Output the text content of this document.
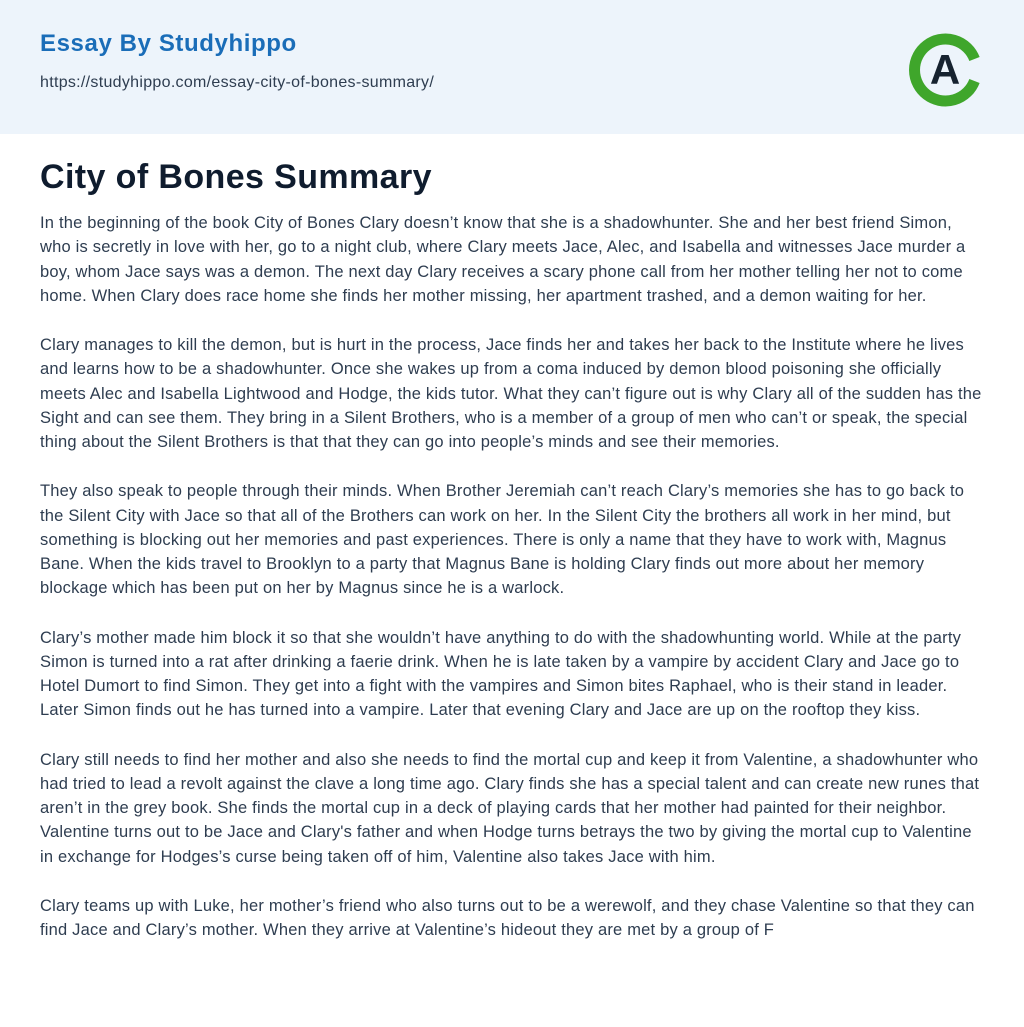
Essay By Studyhippo
https://studyhippo.com/essay-city-of-bones-summary/	A
City of Bones Summary

In the beginning of the book City of Bones Clary doesn’t know that she is a shadowhunter. She and her best friend Simon, who is secretly in love with her, go to a night club, where Clary meets Jace, Alec, and Isabella and witnesses Jace murder a boy, whom Jace says was a demon. The next day Clary receives a scary phone call from her mother telling her not to come home. When Clary does race home she finds her mother missing, her apartment trashed, and a demon waiting for her.

Clary manages to kill the demon, but is hurt in the process, Jace finds her and takes her back to the Institute where he lives and learns how to be a shadowhunter. Once she wakes up from a coma induced by demon blood poisoning she officially meets Alec and Isabella Lightwood and Hodge, the kids tutor. What they can’t figure out is why Clary all of the sudden has the Sight and can see them. They bring in a Silent Brothers, who is a member of a group of men who can’t or speak, the special thing about the Silent Brothers is that that they can go into people’s minds and see their memories.

They also speak to people through their minds. When Brother Jeremiah can’t reach Clary’s memories she has to go back to the Silent City with Jace so that all of the Brothers can work on her. In the Silent City the brothers all work in her mind, but something is blocking out her memories and past experiences. There is only a name that they have to work with, Magnus Bane. When the kids travel to Brooklyn to a party that Magnus Bane is holding Clary finds out more about her memory blockage which has been put on her by Magnus since he is a warlock.

Clary’s mother made him block it so that she wouldn’t have anything to do with the shadowhunting world. While at the party Simon is turned into a rat after drinking a faerie drink. When he is late taken by a vampire by accident Clary and Jace go to Hotel Dumort to find Simon. They get into a fight with the vampires and Simon bites Raphael, who is their stand in leader. Later Simon finds out he has turned into a vampire. Later that evening Clary and Jace are up on the rooftop they kiss.

Clary still needs to find her mother and also she needs to find the mortal cup and keep it from Valentine, a shadowhunter who had tried to lead a revolt against the clave a long time ago. Clary finds she has a special talent and can create new runes that aren’t in the grey book. She finds the mortal cup in a deck of playing cards that her mother had painted for their neighbor. Valentine turns out to be Jace and Clary's father and when Hodge turns betrays the two by giving the mortal cup to Valentine in exchange for Hodges’s curse being taken off of him, Valentine also takes Jace with him.

Clary teams up with Luke, her mother’s friend who also turns out to be a werewolf, and they chase Valentine so that they can find Jace and Clary’s mother. When they arrive at Valentine’s hideout they are met by a group of F
